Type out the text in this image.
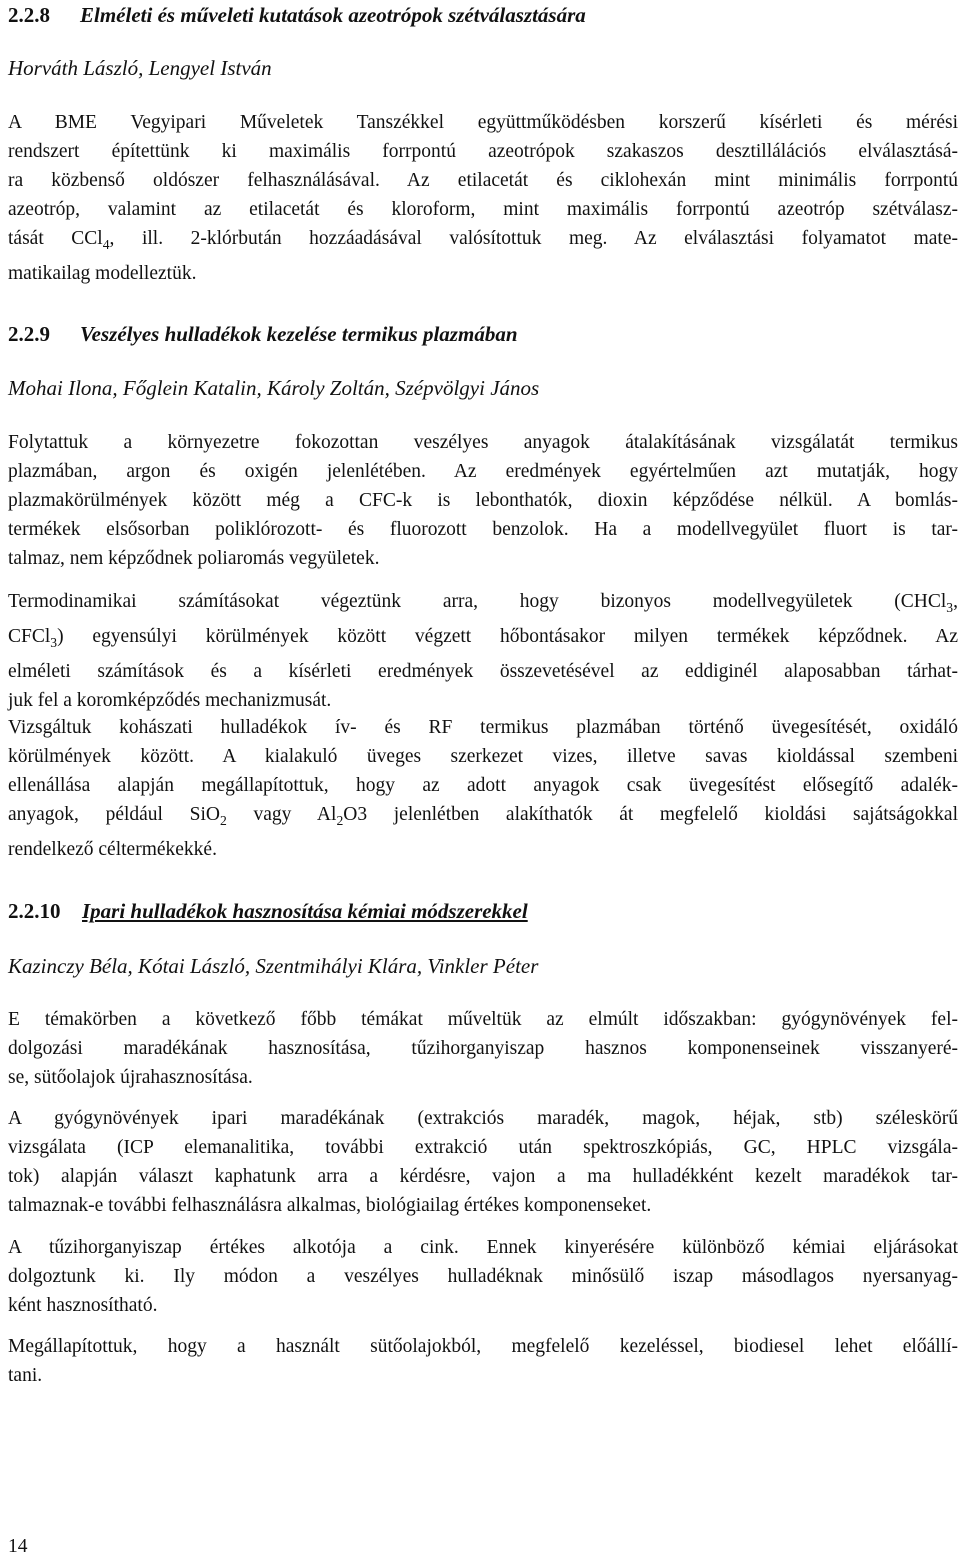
2.2.8 Elméleti és műveleti kutatások azeotrópok szétválasztására
Horváth László, Lengyel István
A BME Vegyipari Műveletek Tanszékkel együttműködésben korszerű kísérleti és mérési
rendszert építettünk ki maximális forrpontú azeotrópok szakaszos desztillálációs elválasztásá-
ra közbenső oldószer felhasználásával. Az etilacetát és ciklohexán mint minimális forrpontú
azeotróp, valamint az etilacetát és kloroform, mint maximális forrpontú azeotróp szétválasz-
tását CCl$_4$, ill. 2-klórbután hozzáadásával valósítottuk meg. Az elválasztási folyamatot mate-
matikailag modelleztük.
2.2.9 Veszélyes hulladékok kezelése termikus plazmában
Mohai Ilona, Főglein Katalin, Károly Zoltán, Szépvölgyi János
Folytattuk a környezetre fokozottan veszélyes anyagok átalakításának vizsgálatát termikus
plazmában, argon és oxigén jelenlétében. Az eredmények egyértelműen azt mutatják, hogy
plazmakörülmények között még a CFC-k is lebonthatók, dioxin képződése nélkül. A bomlás-
termékek elsősorban poliklórozott- és fluorozott benzolok. Ha a modellvegyület fluort is tar-
talmaz, nem képződnek poliaromás vegyületek.
Termodinamikai számításokat végeztünk arra, hogy bizonyos modellvegyületek (CHCl$_3$,
CFCl$_3$) egyensúlyi körülmények között végzett hőbontásakor milyen termékek képződnek. Az
elméleti számítások és a kísérleti eredmények összevetésével az eddiginél alaposabban tárhat-
juk fel a koromképződés mechanizmusát.
Vizsgáltuk kohászati hulladékok ív- és RF termikus plazmában történő üvegesítését, oxidáló
körülmények között. A kialakuló üveges szerkezet vizes, illetve savas kioldással szembeni
ellenállása alapján megállapítottuk, hogy az adott anyagok csak üvegesítést elősegítő adalék-
anyagok, például SiO$_2$ vagy $Al_2O3$ jelenlétben alakíthatók át megfelelő kioldási sajátságokkal
rendelkező céltermékekké.
2.2.10 Ipari hulladékok hasznosítása kémiai módszerekkel
Kazinczy Béla, Kótai László, Szentmihályi Klára, Vinkler Péter
E témakörben a következő főbb témákat műveltük az elmúlt időszakban: gyógynövények fel-
dolgozási maradékának hasznosítása, tűzihorganyiszap hasznos komponenseinek visszanyeré-
se, sütőolajok újrahasznosítása.
A gyógynövények ipari maradékának (extrakciós maradék, magok, héjak, stb) széleskörű
vizsgálata (ICP elemanalitika, további extrakció után spektroszkópiás, GC, HPLC vizsgála-
tok) alapján választ kaphatunk arra a kérdésre, vajon a ma hulladékként kezelt maradékok tar-
talmaznak-e további felhasználásra alkalmas, biológiailag értékes komponenseket.
A tűzihorganyiszap értékes alkotója a cink. Ennek kinyerésére különböző kémiai eljárásokat
dolgoztunk ki. Ily módon a veszélyes hulladéknak minősülő iszap másodlagos nyersanyag-
ként hasznosítható.
Megállapítottuk, hogy a használt sütőolajokból, megfelelő kezeléssel, biodiesel lehet előállí-
tani.
14
